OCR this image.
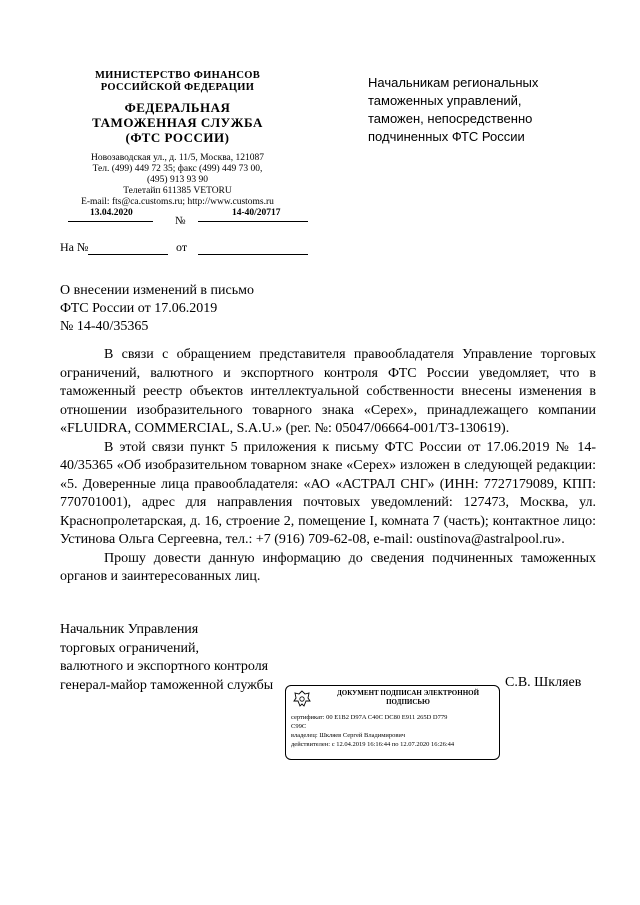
МИНИСТЕРСТВО ФИНАНСОВ
РОССИЙСКОЙ ФЕДЕРАЦИИ
ФЕДЕРАЛЬНАЯ
ТАМОЖЕННАЯ СЛУЖБА
(ФТС РОССИИ)
Новозаводская ул., д. 11/5, Москва, 121087
Тел. (499) 449 72 35; факс (499) 449 73 00,
(495) 913 93 90
Телетайп 611385 VETORU
E-mail: fts@ca.customs.ru; http://www.customs.ru
13.04.2020
№
14-40/20717
На №	от
Начальникам региональных
таможенных управлений,
таможен, непосредственно
подчиненных ФТС России
О внесении изменений в письмо
ФТС России от 17.06.2019
№ 14-40/35365

В связи с обращением представителя правообладателя Управление торговых ограничений, валютного и экспортного контроля ФТС России уведомляет, что в таможенный реестр объектов интеллектуальной собственности внесены изменения в отношении изобразительного товарного знака «Серех», принадлежащего компании «FLUIDRA, COMMERCIAL, S.A.U.» (рег. №: 05047/06664-001/ТЗ-130619).

В этой связи пункт 5 приложения к письму ФТС России от 17.06.2019 № 14-40/35365 «Об изобразительном товарном знаке «Серех» изложен в следующей редакции: «5. Доверенные лица правообладателя: «АО «АСТРАЛ СНГ» (ИНН: 7727179089, КПП: 770701001), адрес для направления почтовых уведомлений: 127473, Москва, ул. Краснопролетарская, д. 16, строение 2, помещение I, комната 7 (часть); контактное лицо: Устинова Ольга Сергеевна, тел.: +7 (916) 709-62-08, e-mail: oustinova@astralpool.ru».

Прошу довести данную информацию до сведения подчиненных таможенных органов и заинтересованных лиц.

Начальник Управления
торговых ограничений,
валютного и экспортного контроля
генерал-майор таможенной службы	С.В. Шкляев
ДОКУМЕНТ ПОДПИСАН ЭЛЕКТРОННОЙ
ПОДПИСЬЮ
сертификат: 00 E1B2 D97A C40C DC80 E911 265D D779
C99C
владелец: Шкляев Сергей Владимирович
действителен: с 12.04.2019 16:16:44 по 12.07.2020 16:26:44
